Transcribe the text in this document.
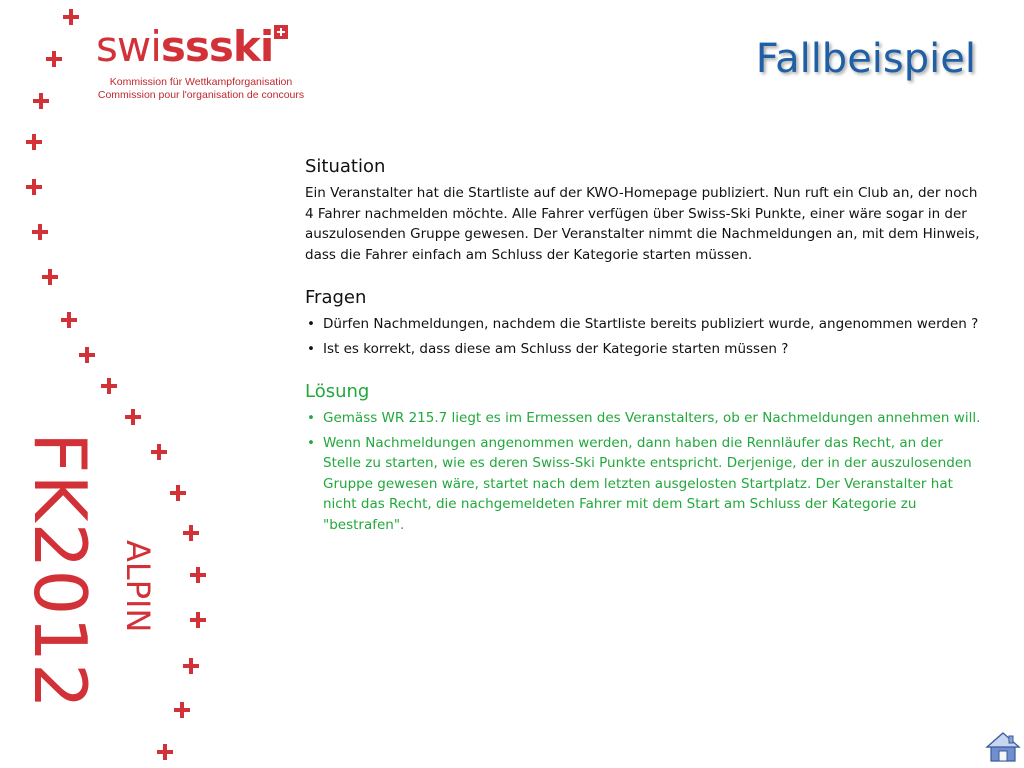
swissski
Kommission für Wettkampforganisation
Commission pour l'organisation de concours
Fallbeispiel
FK2012 ALPIN
Situation

Ein Veranstalter hat die Startliste auf der KWO-Homepage publiziert. Nun ruft ein Club an, der noch 4 Fahrer nachmelden möchte. Alle Fahrer verfügen über Swiss-Ski Punkte, einer wäre sogar in der auszulosenden Gruppe gewesen. Der Veranstalter nimmt die Nachmeldungen an, mit dem Hinweis, dass die Fahrer einfach am Schluss der Kategorie starten müssen.

Fragen
• Dürfen Nachmeldungen, nachdem die Startliste bereits publiziert wurde, angenommen werden ?
• Ist es korrekt, dass diese am Schluss der Kategorie starten müssen ?
Lösung
• Gemäss WR 215.7 liegt es im Ermessen des Veranstalters, ob er Nachmeldungen annehmen will.
• Wenn Nachmeldungen angenommen werden, dann haben die Rennläufer das Recht, an der Stelle zu starten, wie es deren Swiss-Ski Punkte entspricht. Derjenige, der in der auszulosenden Gruppe gewesen wäre, startet nach dem letzten ausgelosten Startplatz. Der Veranstalter hat nicht das Recht, die nachgemeldeten Fahrer mit dem Start am Schluss der Kategorie zu "bestrafen".
